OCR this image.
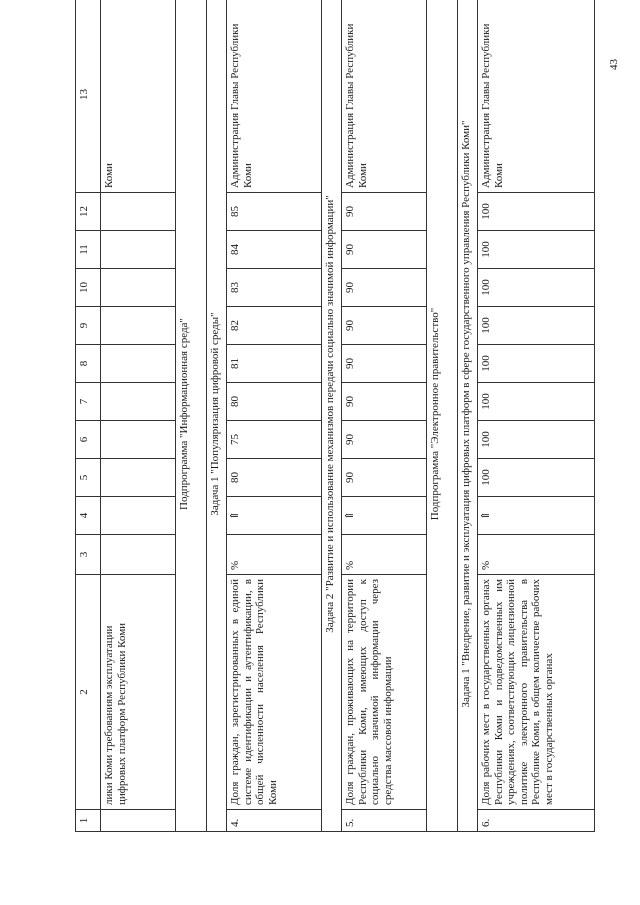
43
1	2	3	4	5	6	7	8	9	10	11	12	13
	лики Коми требованиям эксплуатации цифровых платформ Республики Коми											Коми
Подпрограмма "Информационная среда"												
Задача 1 "Популяризация цифровой среды"												
4.	Доля граждан, зарегистрированных в единой системе идентификации и аутентификации, в общей численности населения Республики Коми	%	⇑	80	75	80	81	82	83	84	85	Администрация Главы Республики Коми
Задача 2 "Развитие и использование механизмов передачи социально значимой информации"												
5.	Доля граждан, проживающих на территории Республики Коми, имеющих доступ к социально значимой информации через средства массовой информации	%	⇑	90	90	90	90	90	90	90	90	Администрация Главы Республики Коми
Подпрограмма "Электронное правительство"												
Задача 1 "Внедрение, развитие и эксплуатация цифровых платформ в сфере государственного управления Республики Коми"												
6.	Доля рабочих мест в государственных органах Республики Коми и подведомственных им учреждениях, соответствующих лицензионной политике электронного правительства в Республике Коми, в общем количестве рабочих мест в государственных органах	%	⇑	100	100	100	100	100	100	100	100	Администрация Главы Республики Коми
